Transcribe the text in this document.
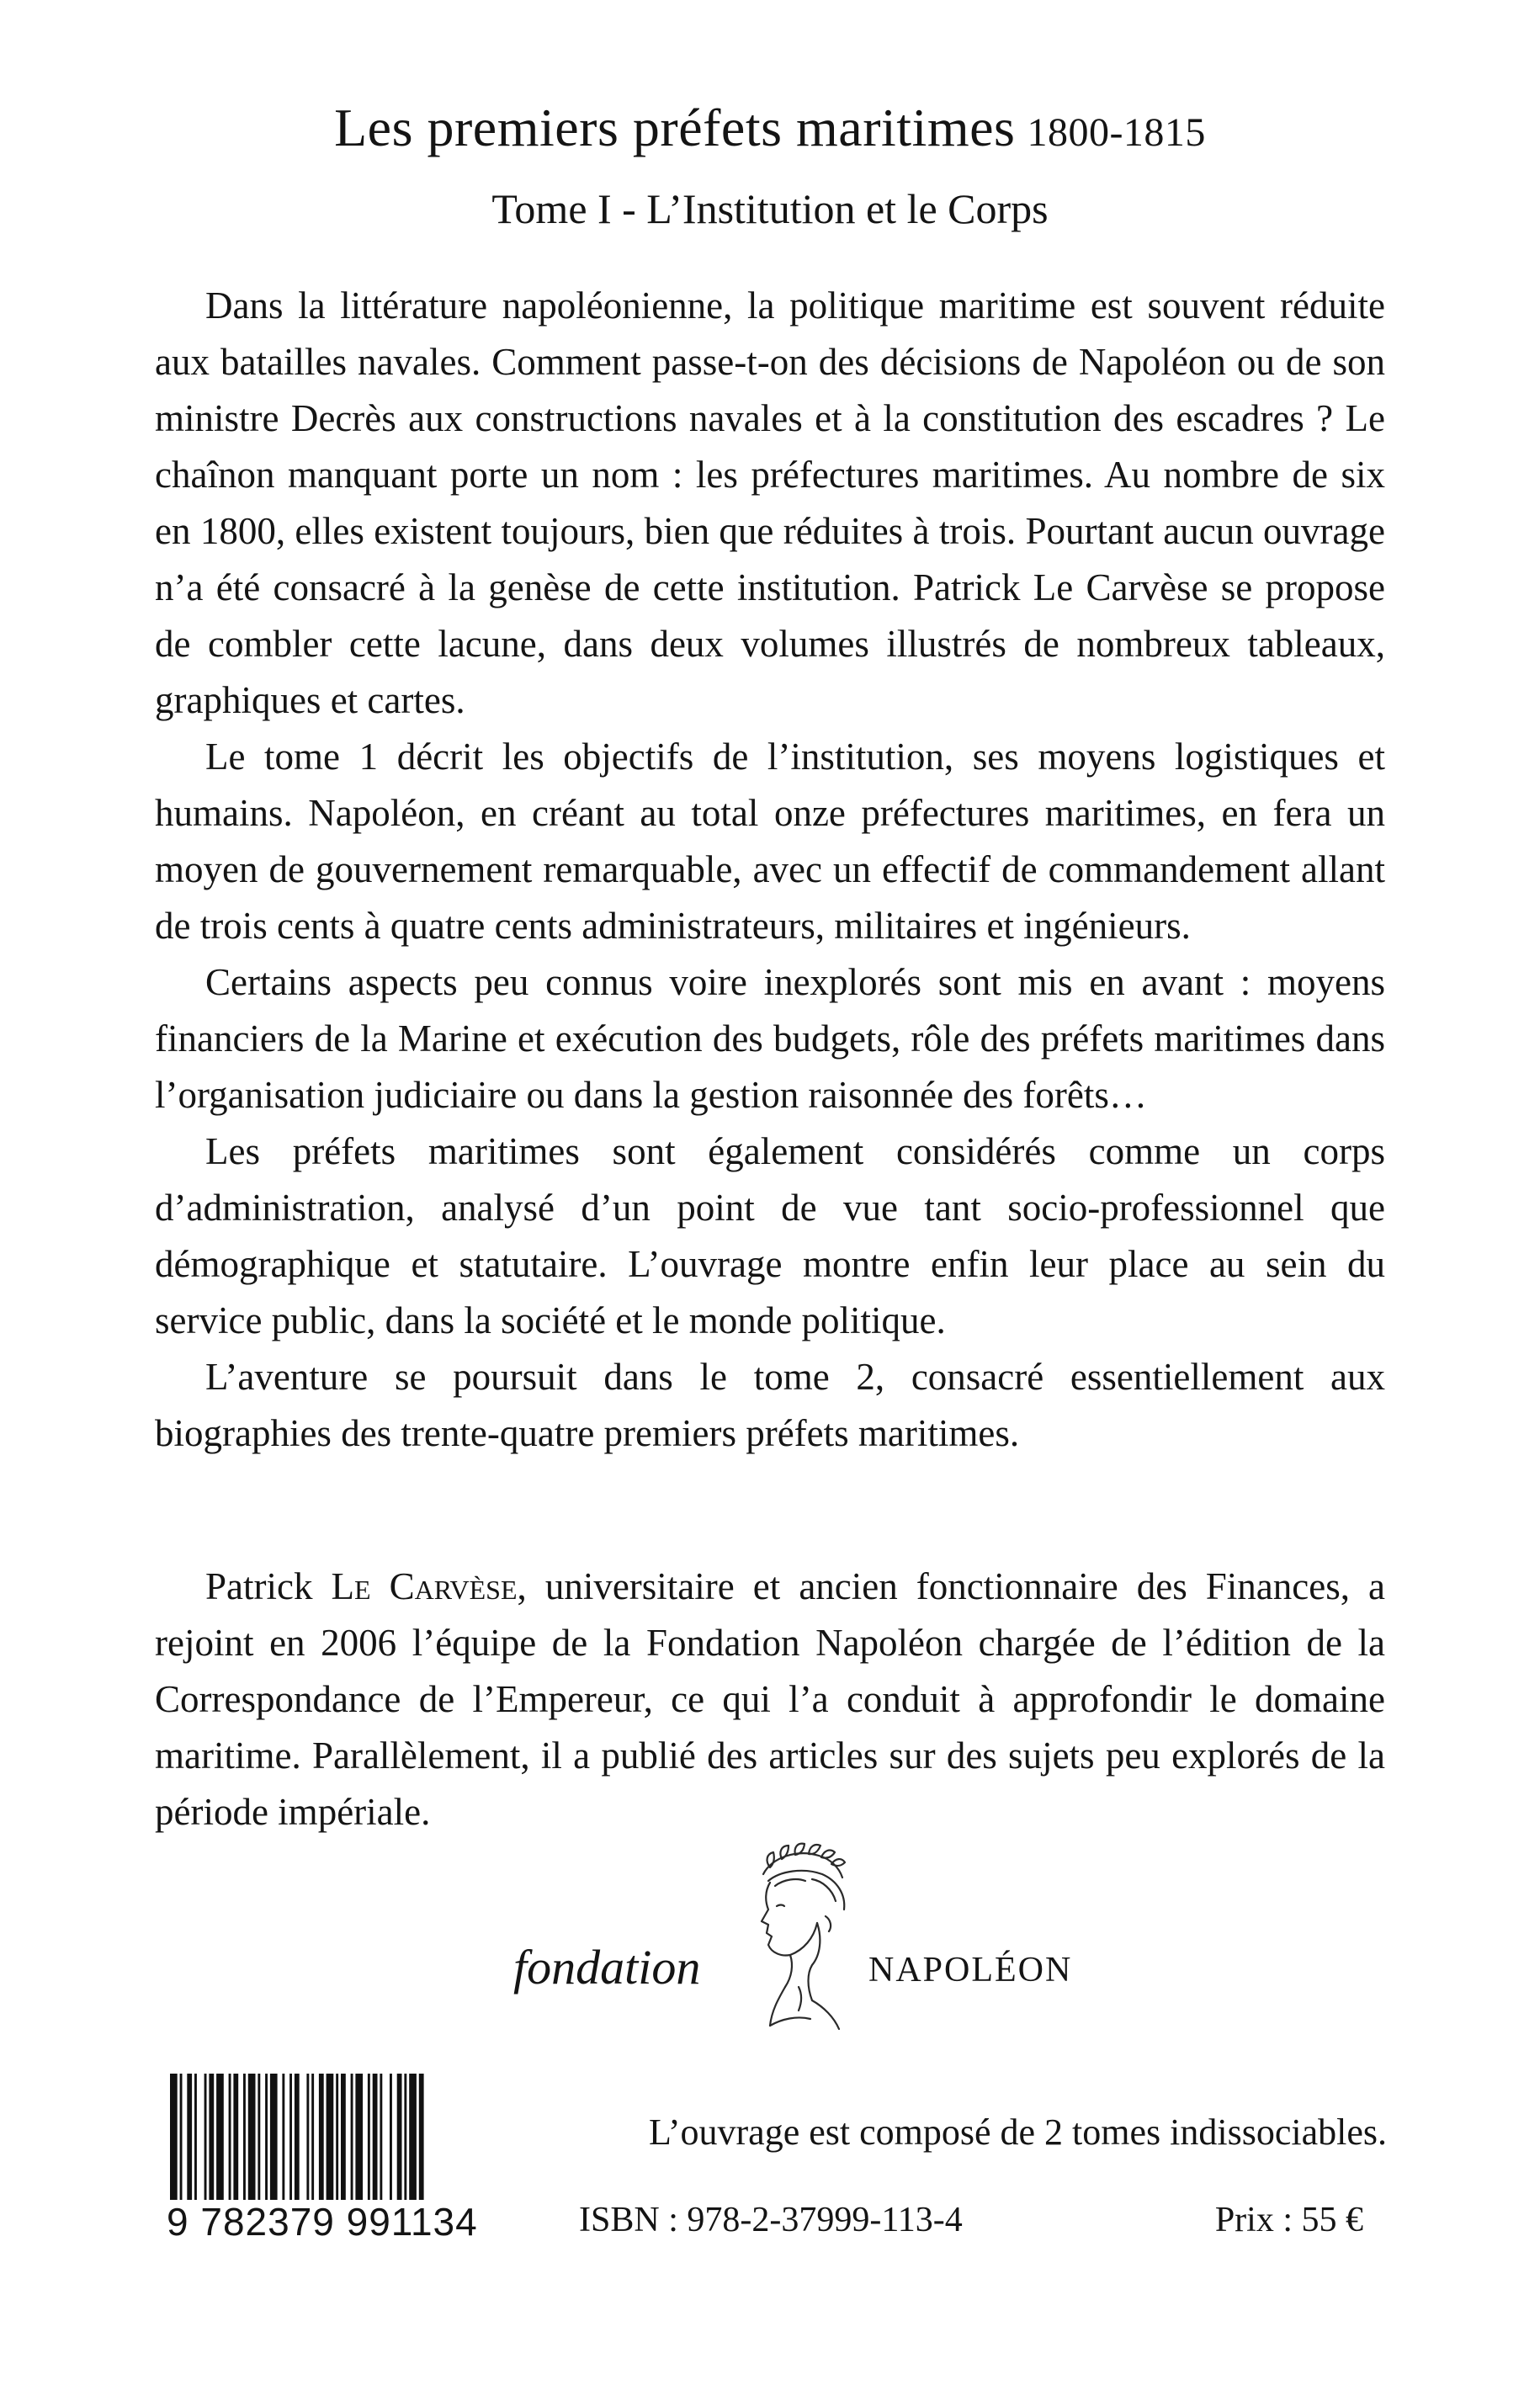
Les premiers préfets maritimes 1800-1815
Tome I - L’Institution et le Corps

Dans la littérature napoléonienne, la politique maritime est souvent réduite aux batailles navales. Comment passe-t-on des décisions de Napoléon ou de son ministre Decrès aux constructions navales et à la constitution des escadres ? Le chaînon manquant porte un nom : les préfectures maritimes. Au nombre de six en 1800, elles existent toujours, bien que réduites à trois. Pourtant aucun ouvrage n’a été consacré à la genèse de cette institution. Patrick Le Carvèse se propose de combler cette lacune, dans deux volumes illustrés de nombreux tableaux, graphiques et cartes.

Le tome 1 décrit les objectifs de l’institution, ses moyens logistiques et humains. Napoléon, en créant au total onze préfectures maritimes, en fera un moyen de gouvernement remarquable, avec un effectif de commandement allant de trois cents à quatre cents administrateurs, militaires et ingénieurs.

Certains aspects peu connus voire inexplorés sont mis en avant : moyens financiers de la Marine et exécution des budgets, rôle des préfets maritimes dans l’organisation judiciaire ou dans la gestion raisonnée des forêts…

Les préfets maritimes sont également considérés comme un corps d’administration, analysé d’un point de vue tant socio-professionnel que démographique et statutaire. L’ouvrage montre enfin leur place au sein du service public, dans la société et le monde politique.

L’aventure se poursuit dans le tome 2, consacré essentiellement aux biographies des trente-quatre premiers préfets maritimes.

Patrick Le Carvèse, universitaire et ancien fonctionnaire des Finances, a rejoint en 2006 l’équipe de la Fondation Napoléon chargée de l’édition de la Correspondance de l’Empereur, ce qui l’a conduit à approfondir le domaine maritime. Parallèlement, il a publié des articles sur des sujets peu explorés de la période impériale.

fondation	NAPOLÉON
9 782379 991134
L’ouvrage est composé de 2 tomes indissociables.
ISBN : 978-2-37999-113-4	Prix : 55 €
